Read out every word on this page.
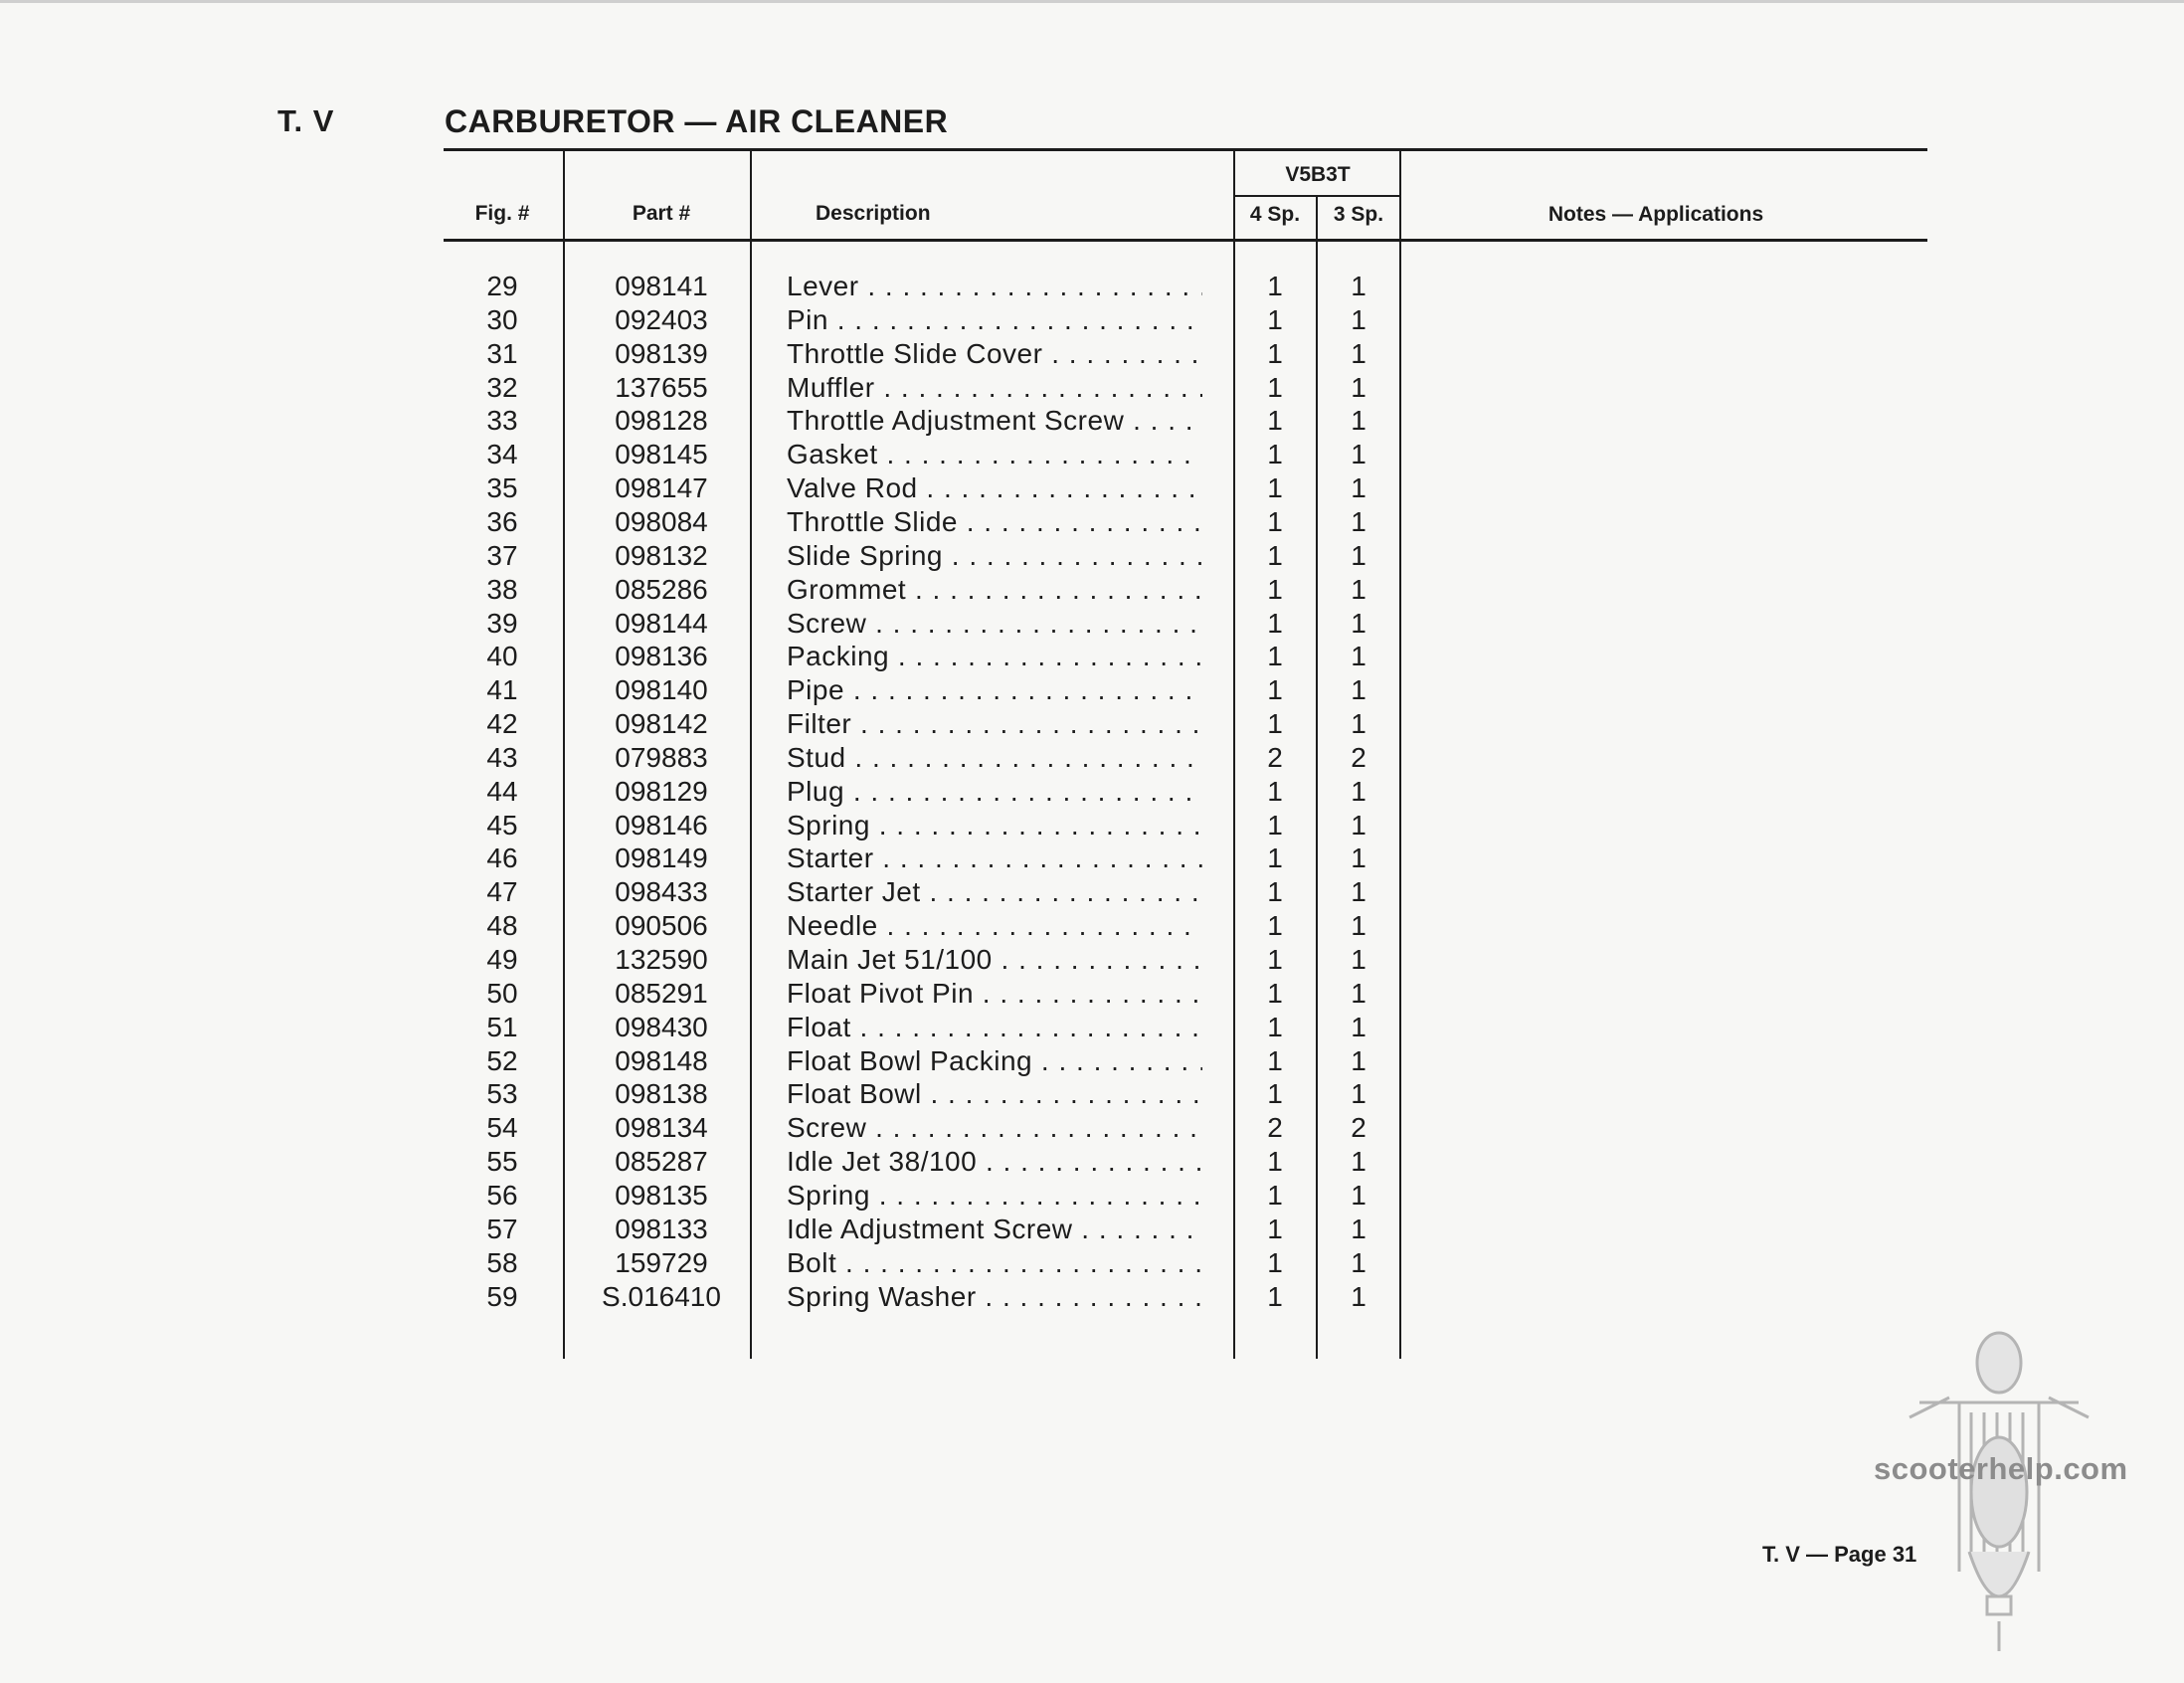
T. V	CARBURETOR — AIR CLEANER
Fig. #	Part #	Description
V5B3T
4 Sp.	3 Sp.	Notes — Applications
29	098141	Lever . . .	1	1
30	092403	Pin . . .	1	1
31	098139	Throttle Slide Cover . . .	1	1
32	137655	Muffler . . .	1	1
33	098128	Throttle Adjustment Screw . . .	1	1
34	098145	Gasket . . .	1	1
35	098147	Valve Rod . . .	1	1
36	098084	Throttle Slide . . .	1	1
37	098132	Slide Spring . . .	1	1
38	085286	Grommet . . .	1	1
39	098144	Screw . . .	1	1
40	098136	Packing . . .	1	1
41	098140	Pipe . . .	1	1
42	098142	Filter . . .	1	1
43	079883	Stud . . .	2	2
44	098129	Plug . . .	1	1
45	098146	Spring . . .	1	1
46	098149	Starter . . .	1	1
47	098433	Starter Jet . . .	1	1
48	090506	Needle . . .	1	1
49	132590	Main Jet 51/100 . . .	1	1
50	085291	Float Pivot Pin . . .	1	1
51	098430	Float . . .	1	1
52	098148	Float Bowl Packing . . .	1	1
53	098138	Float Bowl . . .	1	1
54	098134	Screw . . .	2	2
55	085287	Idle Jet 38/100 . . .	1	1
56	098135	Spring . . .	1	1
57	098133	Idle Adjustment Screw . . .	1	1
58	159729	Bolt . . .	1	1
59	S.016410	Spring Washer . . .	1	1
scooterhelp.com
T. V — Page 31
